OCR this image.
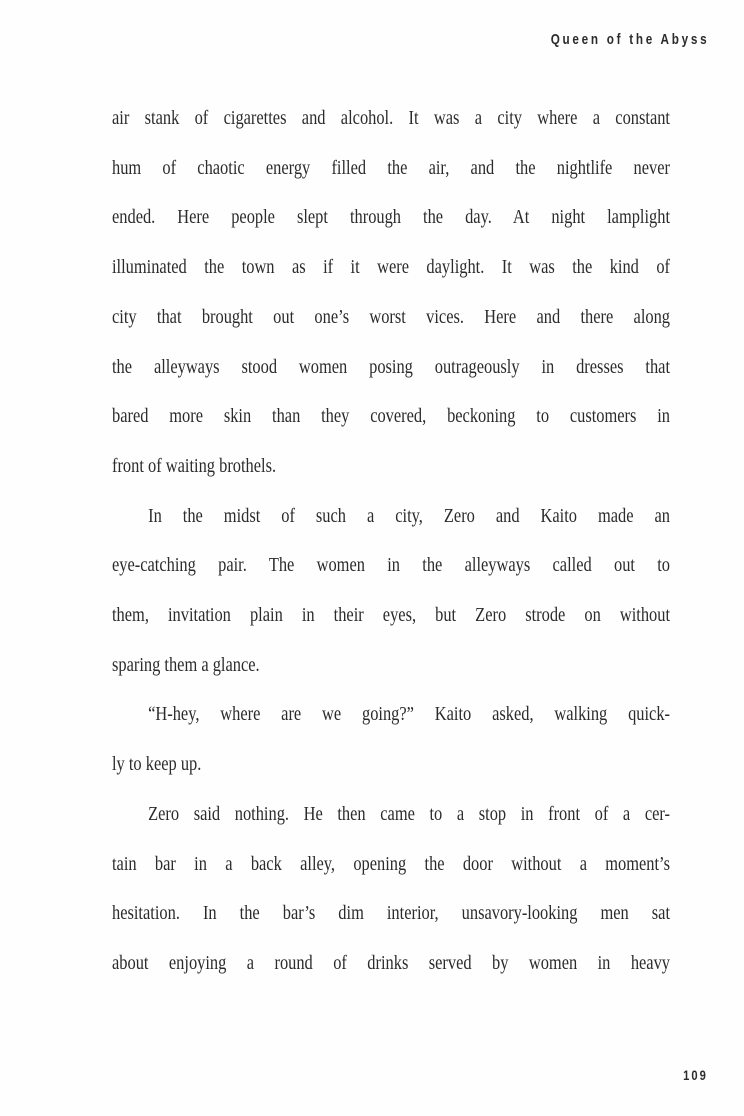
Queen of the Abyss
air stank of cigarettes and alcohol. It was a city where a constant
hum of chaotic energy filled the air, and the nightlife never
ended. Here people slept through the day. At night lamplight
illuminated the town as if it were daylight. It was the kind of
city that brought out one’s worst vices. Here and there along
the alleyways stood women posing outrageously in dresses that
bared more skin than they covered, beckoning to customers in
front of waiting brothels.
In the midst of such a city, Zero and Kaito made an
eye-catching pair. The women in the alleyways called out to
them, invitation plain in their eyes, but Zero strode on without
sparing them a glance.
“H-hey, where are we going?” Kaito asked, walking quick-
ly to keep up.
Zero said nothing. He then came to a stop in front of a cer-
tain bar in a back alley, opening the door without a moment’s
hesitation. In the bar’s dim interior, unsavory-looking men sat
about enjoying a round of drinks served by women in heavy
109
